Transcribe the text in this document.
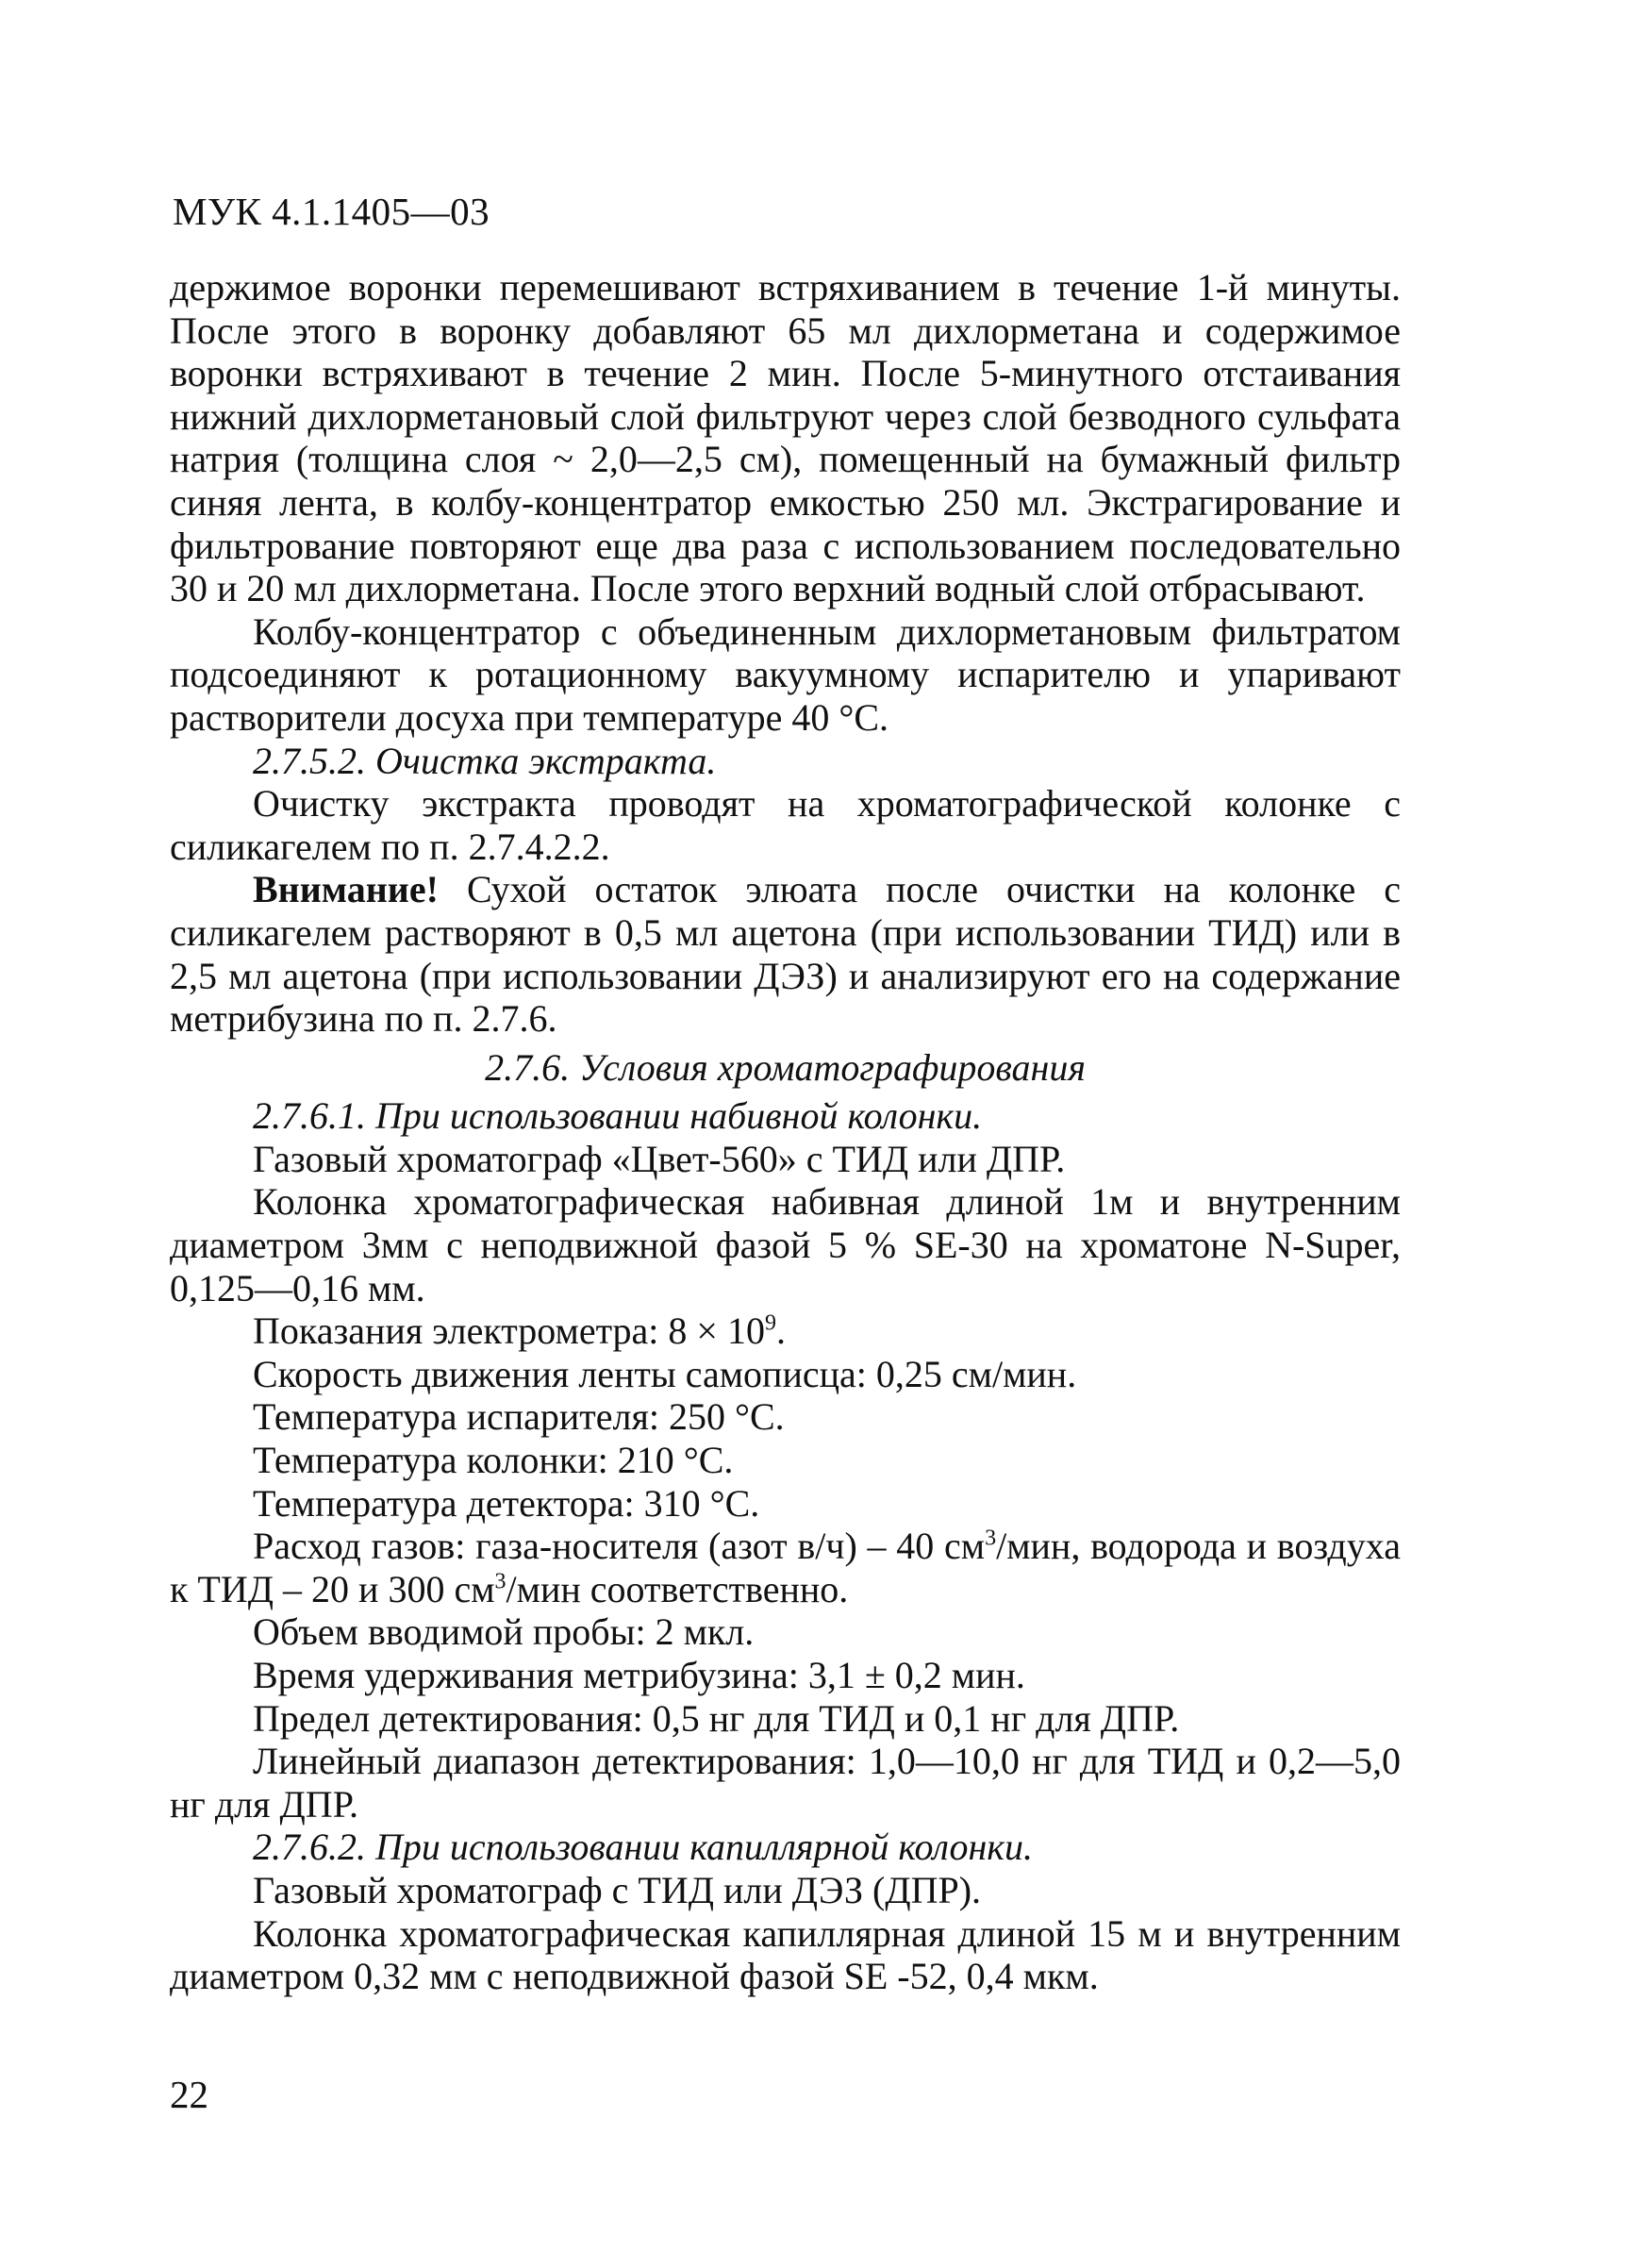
МУК 4.1.1405—03

держимое воронки перемешивают встряхиванием в течение 1-й минуты. После этого в воронку добавляют 65 мл дихлорметана и содержимое воронки встряхивают в течение 2 мин. После 5-минутного отстаивания нижний дихлорметановый слой фильтруют через слой безводного сульфата натрия (толщина слоя ~ 2,0—2,5 см), помещенный на бумажный фильтр синяя лента, в колбу-концентратор емкостью 250 мл. Экстрагирование и фильтрование повторяют еще два раза с использованием последовательно 30 и 20 мл дихлорметана. После этого верхний водный слой отбрасывают.

Колбу-концентратор с объединенным дихлорметановым фильтратом подсоединяют к ротационному вакуумному испарителю и упаривают растворители досуха при температуре 40 °С.

2.7.5.2. Очистка экстракта.

Очистку экстракта проводят на хроматографической колонке с силикагелем по п. 2.7.4.2.2.

Внимание! Сухой остаток элюата после очистки на колонке с силикагелем растворяют в 0,5 мл ацетона (при использовании ТИД) или в 2,5 мл ацетона (при использовании ДЭЗ) и анализируют его на содержание метрибузина по п. 2.7.6.

2.7.6. Условия хроматографирования

2.7.6.1. При использовании набивной колонки.

Газовый хроматограф «Цвет-560» с ТИД или ДПР.

Колонка хроматографическая набивная длиной 1м и внутренним диаметром 3мм с неподвижной фазой 5 % SE-30 на хроматоне N-Super, 0,125—0,16 мм.

Показания электрометра: $8 \times 10^9$.

Скорость движения ленты самописца: 0,25 см/мин.

Температура испарителя: 250 °С.

Температура колонки: 210 °С.

Температура детектора: 310 °С.

Расход газов: газа-носителя (азот в/ч) – 40 $см^3$/мин, водорода и воздуха к ТИД – 20 и 300 $см^3$/мин соответственно.

Объем вводимой пробы: 2 мкл.

Время удерживания метрибузина: 3,1 ± 0,2 мин.

Предел детектирования: 0,5 нг для ТИД и 0,1 нг для ДПР.

Линейный диапазон детектирования: 1,0—10,0 нг для ТИД и 0,2—5,0 нг для ДПР.

2.7.6.2. При использовании капиллярной колонки.

Газовый хроматограф с ТИД или ДЭЗ (ДПР).

Колонка хроматографическая капиллярная длиной 15 м и внутренним диаметром 0,32 мм с неподвижной фазой SE -52, 0,4 мкм.

22
